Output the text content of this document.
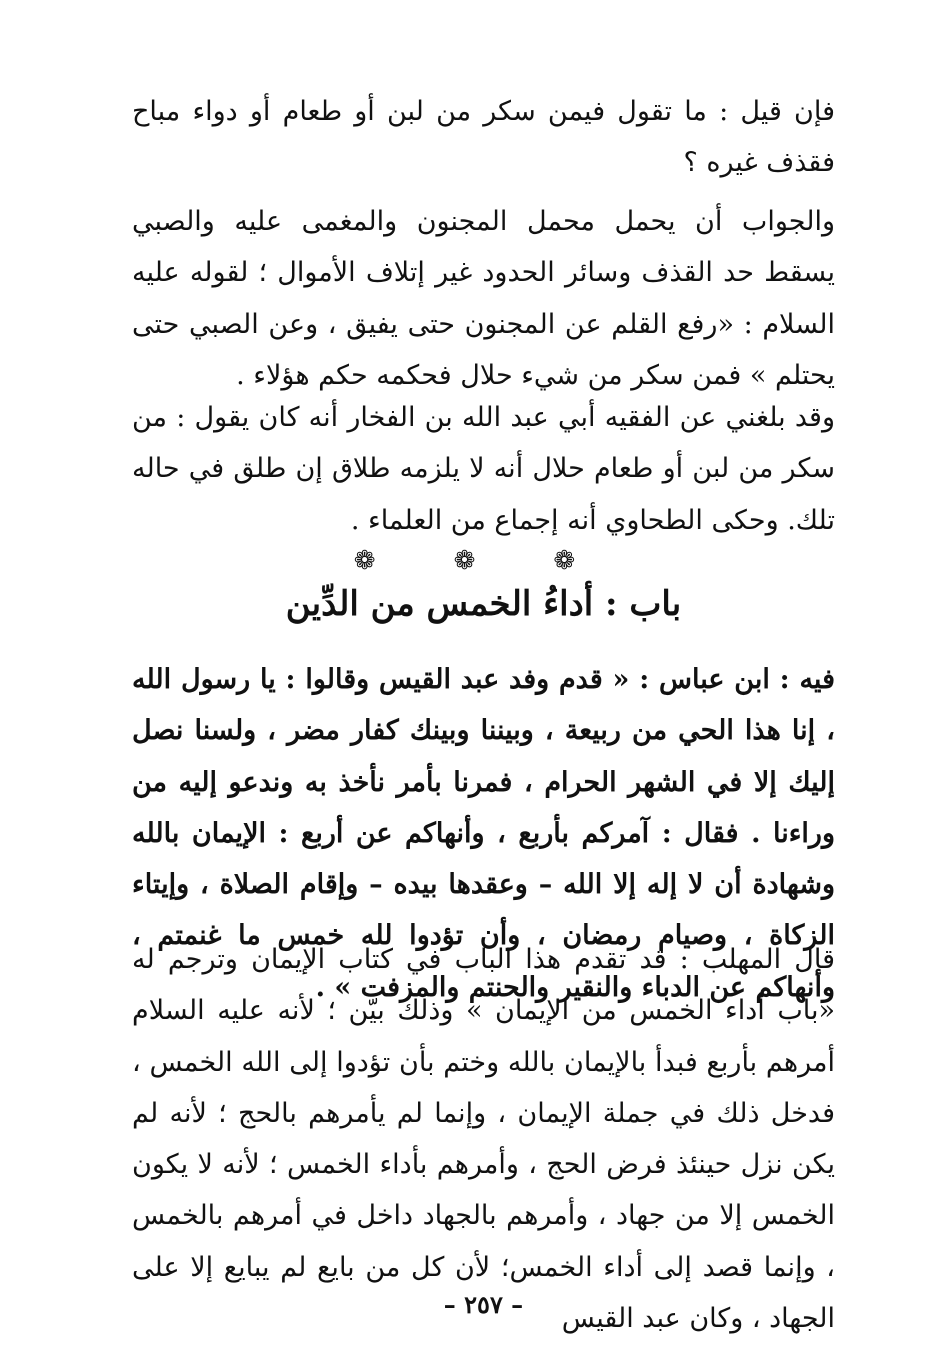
فإن قيل : ما تقول فيمن سكر من لبن أو طعام أو دواء مباح فقذف غيره ؟

والجواب أن يحمل محمل المجنون والمغمى عليه والصبي يسقط حد القذف وسائر الحدود غير إتلاف الأموال ؛ لقوله عليه السلام : «رفع القلم عن المجنون حتى يفيق ، وعن الصبي حتى يحتلم » فمن سكر من شيء حلال فحكمه حكم هؤلاء .

وقد بلغني عن الفقيه أبي عبد الله بن الفخار أنه كان يقول : من سكر من لبن أو طعام حلال أنه لا يلزمه طلاق إن طلق في حاله تلك. وحكى الطحاوي أنه إجماع من العلماء .

❁ ❁ ❁
باب : أداءُ الخمس من الدِّين

فيه : ابن عباس : « قدم وفد عبد القيس وقالوا : يا رسول الله ، إنا هذا الحي من ربيعة ، وبيننا وبينك كفار مضر ، ولسنا نصل إليك إلا في الشهر الحرام ، فمرنا بأمر نأخذ به وندعو إليه من وراءنا . فقال : آمركم بأربع ، وأنهاكم عن أربع : الإيمان بالله وشهادة أن لا إله إلا الله – وعقدها بيده – وإقام الصلاة ، وإيتاء الزكاة ، وصيام رمضان ، وأن تؤدوا لله خمس ما غنمتم ، وأنهاكم عن الدباء والنقير والحنتم والمزفت » .

قال المهلب : قد تقدم هذا الباب في كتاب الإيمان وترجم له «باب أداء الخمس من الإيمان » وذلك بيّن ؛ لأنه عليه السلام أمرهم بأربع فبدأ بالإيمان بالله وختم بأن تؤدوا إلى الله الخمس ، فدخل ذلك في جملة الإيمان ، وإنما لم يأمرهم بالحج ؛ لأنه لم يكن نزل حينئذ فرض الحج ، وأمرهم بأداء الخمس ؛ لأنه لا يكون الخمس إلا من جهاد ، وأمرهم بالجهاد داخل في أمرهم بالخمس ، وإنما قصد إلى أداء الخمس؛ لأن كل من بايع لم يبايع إلا على الجهاد ، وكان عبد القيس

– ٢٥٧ –
